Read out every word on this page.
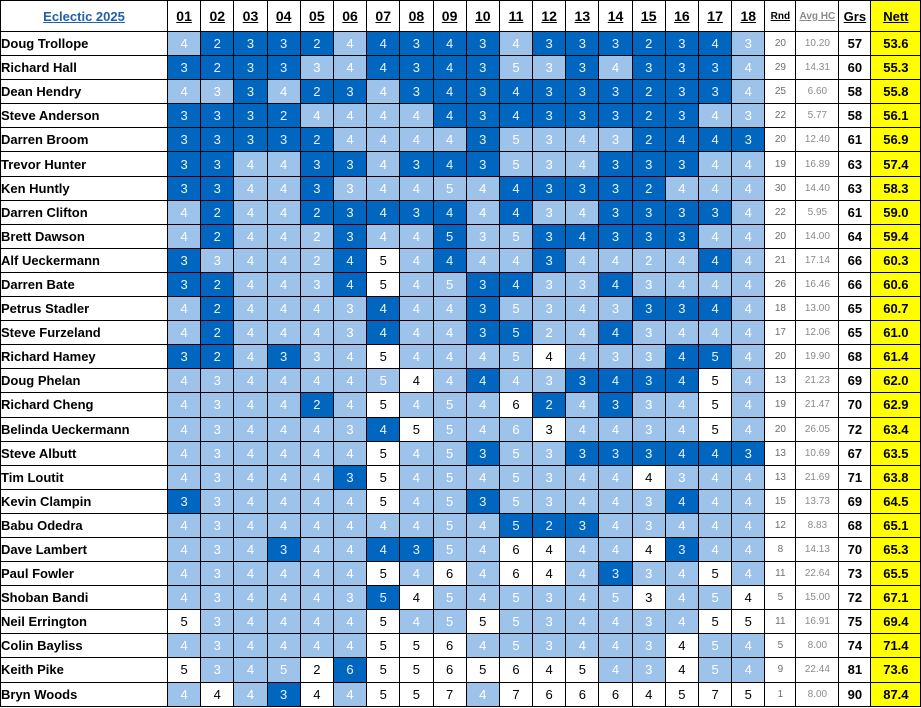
Eclectic 2025	01	02	03	04	05	06	07	08	09	10	11	12	13	14	15	16	17	18	Rnd	Avg HC	Grs	Nett
Doug Trollope	4	2	3	3	2	4	4	3	4	3	4	3	3	3	2	3	4	3	20	10.20	57	53.6
Richard Hall	3	2	3	3	3	4	4	3	4	3	5	3	3	4	3	3	3	4	29	14.31	60	55.3
Dean Hendry	4	3	3	4	2	3	4	3	4	3	4	3	3	3	2	3	3	4	25	6.60	58	55.8
Steve Anderson	3	3	3	2	4	4	4	4	4	3	4	3	3	3	2	3	4	3	22	5.77	58	56.1
Darren Broom	3	3	3	3	2	4	4	4	4	3	5	3	4	3	2	4	4	3	20	12.40	61	56.9
Trevor Hunter	3	3	4	4	3	3	4	3	4	3	5	3	4	3	3	3	4	4	19	16.89	63	57.4
Ken Huntly	3	3	4	4	3	3	4	4	5	4	4	3	3	3	2	4	4	4	30	14.40	63	58.3
Darren Clifton	4	2	4	4	2	3	4	3	4	4	4	3	4	3	3	3	3	4	22	5.95	61	59.0
Brett Dawson	4	2	4	4	2	3	4	4	5	3	5	3	4	3	3	3	4	4	20	14.00	64	59.4
Alf Ueckermann	3	3	4	4	2	4	5	4	4	4	4	3	4	4	2	4	4	4	21	17.14	66	60.3
Darren Bate	3	2	4	4	3	4	5	4	5	3	4	3	3	4	3	4	4	4	26	16.46	66	60.6
Petrus Stadler	4	2	4	4	4	3	4	4	4	3	5	3	4	3	3	3	4	4	18	13.00	65	60.7
Steve Furzeland	4	2	4	4	4	3	4	4	4	3	5	2	4	4	3	4	4	4	17	12.06	65	61.0
Richard Hamey	3	2	4	3	3	4	5	4	4	4	5	4	4	3	3	4	5	4	20	19.90	68	61.4
Doug Phelan	4	3	4	4	4	4	5	4	4	4	4	3	3	4	3	4	5	4	13	21.23	69	62.0
Richard Cheng	4	3	4	4	2	4	5	4	5	4	6	2	4	3	3	4	5	4	19	21.47	70	62.9
Belinda Ueckermann	4	3	4	4	4	3	4	5	5	4	6	3	4	4	3	4	5	4	20	26.05	72	63.4
Steve Albutt	4	3	4	4	4	4	5	4	5	3	5	3	3	3	3	4	4	3	13	10.69	67	63.5
Tim Loutit	4	3	4	4	4	3	5	4	5	4	5	3	4	4	4	3	4	4	13	21.69	71	63.8
Kevin Clampin	3	3	4	4	4	4	5	4	5	3	5	3	4	4	3	4	4	4	15	13.73	69	64.5
Babu Odedra	4	3	4	4	4	4	4	4	5	4	5	2	3	4	3	4	4	4	12	8.83	68	65.1
Dave Lambert	4	3	4	3	4	4	4	3	5	4	6	4	4	4	4	3	4	4	8	14.13	70	65.3
Paul Fowler	4	3	4	4	4	4	5	4	6	4	6	4	4	3	3	4	5	4	11	22.64	73	65.5
Shoban Bandi	4	3	4	4	4	3	5	4	5	4	5	3	4	5	3	4	5	4	5	15.00	72	67.1
Neil Errington	5	3	4	4	4	4	5	4	5	5	5	3	4	4	3	4	5	5	11	16.91	75	69.4
Colin Bayliss	4	3	4	4	4	4	5	5	6	4	5	3	4	4	3	4	5	4	5	8.00	74	71.4
Keith Pike	5	3	4	5	2	6	5	5	6	5	6	4	5	4	3	4	5	4	9	22.44	81	73.6
Bryn Woods	4	4	4	3	4	4	5	5	7	4	7	6	6	6	4	5	7	5	1	8.00	90	87.4
